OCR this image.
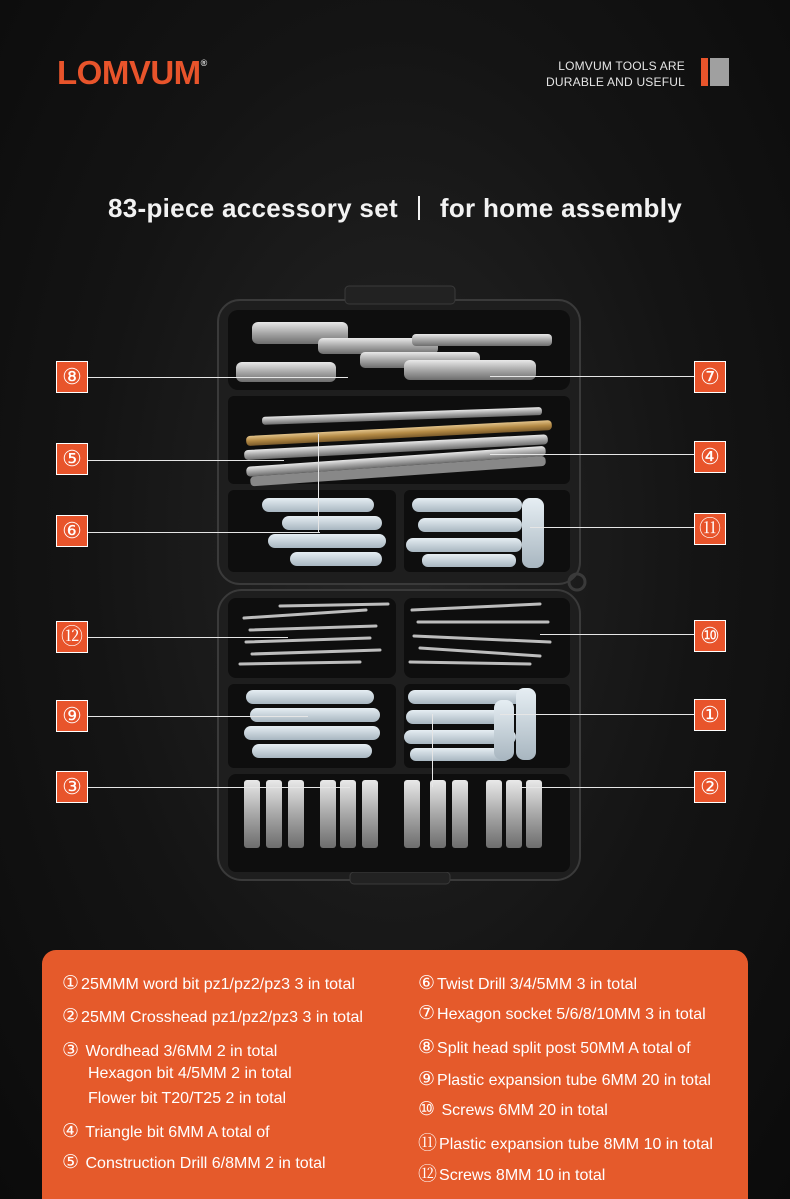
LOMVUM®	LOMVUM TOOLS ARE
DURABLE AND USEFUL
83-piece accessory set for home assembly
⑧	⑦
⑤	④
⑥	⑪
⑫	⑩
⑨	①
③	②
① 25MMM word bit pz1/pz2/pz3 3 in total
② 25MM Crosshead pz1/pz2/pz3 3 in total
③ Wordhead 3/6MM 2 in total
Hexagon bit 4/5MM 2 in total
Flower bit T20/T25 2 in total
④ Triangle bit 6MM A total of
⑤ Construction Drill 6/8MM 2 in total
⑥ Twist Drill 3/4/5MM 3 in total
⑦ Hexagon socket 5/6/8/10MM 3 in total
⑧ Split head split post 50MM A total of
⑨ Plastic expansion tube 6MM 20 in total
⑩ Screws 6MM 20 in total
⑪ Plastic expansion tube 8MM 10 in total
⑫ Screws 8MM 10 in total
